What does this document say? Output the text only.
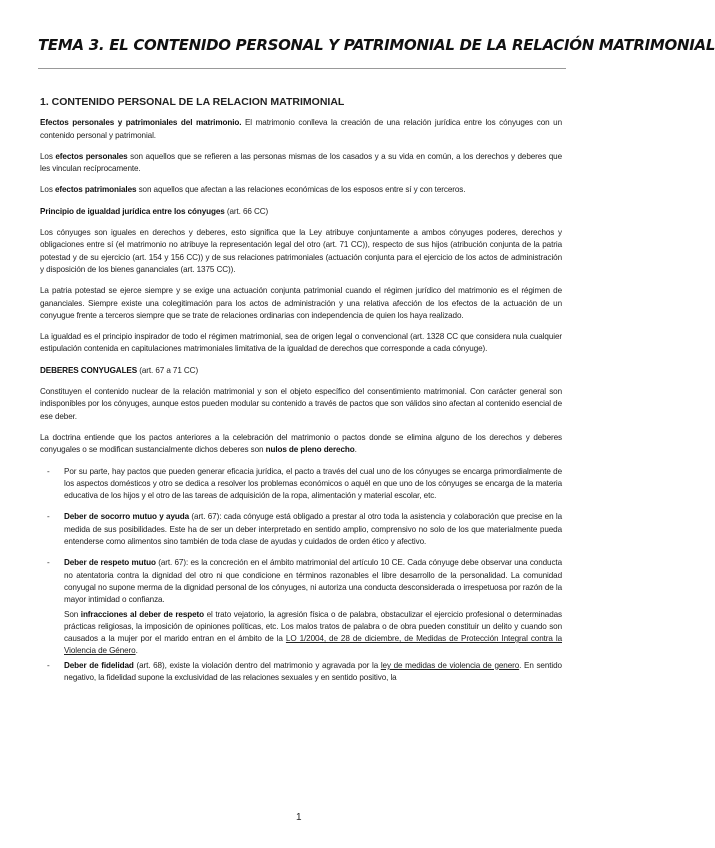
TEMA 3. EL CONTENIDO PERSONAL Y PATRIMONIAL DE LA RELACIÓN MATRIMONIAL
1. CONTENIDO PERSONAL DE LA RELACION MATRIMONIAL

Efectos personales y patrimoniales del matrimonio. El matrimonio conlleva la creación de una relación jurídica entre los cónyuges con un contenido personal y patrimonial.

Los efectos personales son aquellos que se refieren a las personas mismas de los casados y a su vida en común, a los derechos y deberes que les vinculan recíprocamente.

Los efectos patrimoniales son aquellos que afectan a las relaciones económicas de los esposos entre sí y con terceros.

Principio de igualdad jurídica entre los cónyuges (art. 66 CC)

Los cónyuges son iguales en derechos y deberes, esto significa que la Ley atribuye conjuntamente a ambos cónyuges poderes, derechos y obligaciones entre sí (el matrimonio no atribuye la representación legal del otro (art. 71 CC)), respecto de sus hijos (atribución conjunta de la patria potestad y de su ejercicio (art. 154 y 156 CC)) y de sus relaciones patrimoniales (actuación conjunta para el ejercicio de los actos de administración y disposición de los bienes gananciales (art. 1375 CC)).

La patria potestad se ejerce siempre y se exige una actuación conjunta patrimonial cuando el régimen jurídico del matrimonio es el régimen de gananciales. Siempre existe una colegitimación para los actos de administración y una relativa afección de los efectos de la actuación de un conyugue frente a terceros siempre que se trate de relaciones ordinarias con independencia de quien los haya realizado.

La igualdad es el principio inspirador de todo el régimen matrimonial, sea de origen legal o convencional (art. 1328 CC que considera nula cualquier estipulación contenida en capitulaciones matrimoniales limitativa de la igualdad de derechos que corresponde a cada cónyuge).

DEBERES CONYUGALES (art. 67 a 71 CC)

Constituyen el contenido nuclear de la relación matrimonial y son el objeto específico del consentimiento matrimonial. Con carácter general son indisponibles por los cónyuges, aunque estos pueden modular su contenido a través de pactos que son válidos sino afectan al contenido esencial de ese deber.

La doctrina entiende que los pactos anteriores a la celebración del matrimonio o pactos donde se elimina alguno de los derechos y deberes conyugales o se modifican sustancialmente dichos deberes son nulos de pleno derecho.

- Por su parte, hay pactos que pueden generar eficacia jurídica, el pacto a través del cual uno de los cónyuges se encarga primordialmente de los aspectos domésticos y otro se dedica a resolver los problemas económicos o aquél en que uno de los cónyuges se encarga de la materia educativa de los hijos y el otro de las tareas de adquisición de la ropa, alimentación y material escolar, etc.
- Deber de socorro mutuo y ayuda (art. 67): cada cónyuge está obligado a prestar al otro toda la asistencia y colaboración que precise en la medida de sus posibilidades. Este ha de ser un deber interpretado en sentido amplio, comprensivo no solo de los que materialmente pueda entenderse como alimentos sino también de toda clase de ayudas y cuidados de orden ético y afectivo.
- Deber de respeto mutuo (art. 67): es la concreción en el ámbito matrimonial del artículo 10 CE. Cada cónyuge debe observar una conducta no atentatoria contra la dignidad del otro ni que condicione en términos razonables el libre desarrollo de la personalidad. La comunidad conyugal no supone merma de la dignidad personal de los cónyuges, ni autoriza una conducta desconsiderada o irrespetuosa por razón de la mayor intimidad o confianza.
Son infracciones al deber de respeto el trato vejatorio, la agresión física o de palabra, obstaculizar el ejercicio profesional o determinadas prácticas religiosas, la imposición de opiniones políticas, etc. Los malos tratos de palabra o de obra pueden constituir un delito y cuando son causados a la mujer por el marido entran en el ámbito de la LO 1/2004, de 28 de diciembre, de Medidas de Protección Integral contra la Violencia de Género.
- Deber de fidelidad (art. 68), existe la violación dentro del matrimonio y agravada por la ley de medidas de violencia de genero. En sentido negativo, la fidelidad supone la exclusividad de las relaciones sexuales y en sentido positivo, la
1
